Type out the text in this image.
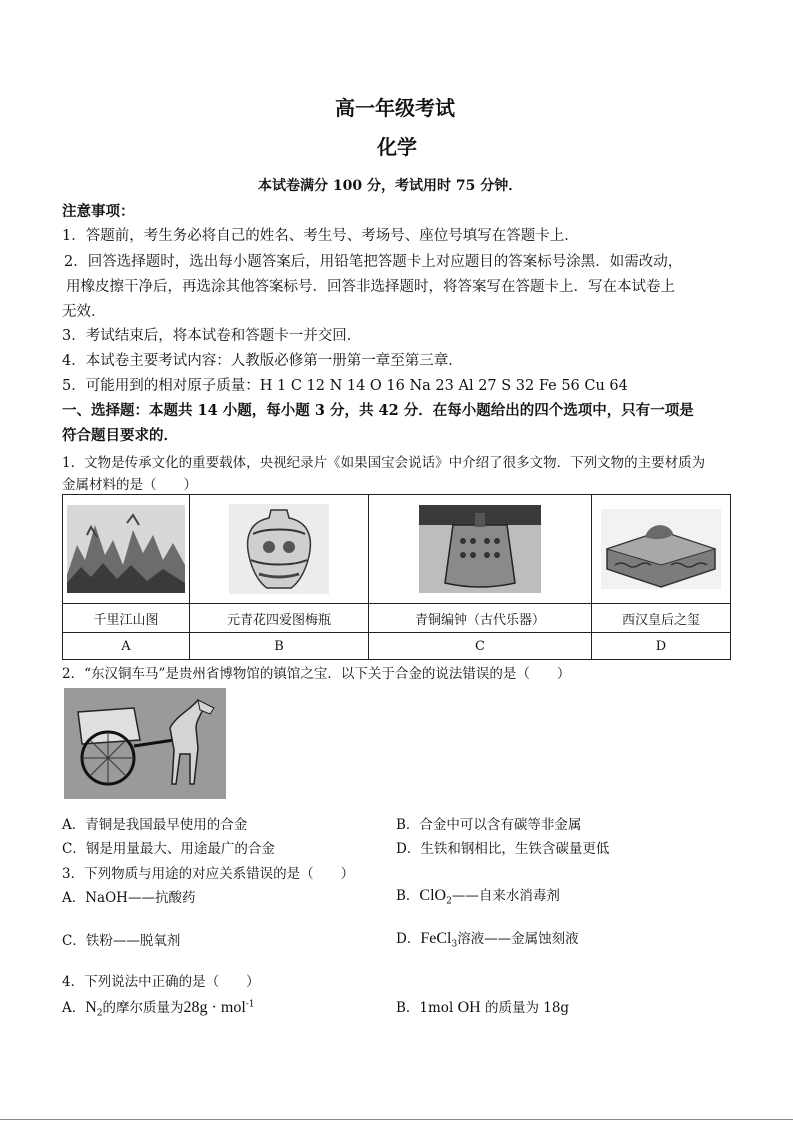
高一年级考试
化学
本试卷满分 100 分，考试用时 75 分钟．
注意事项：
1．答题前，考生务必将自己的姓名、考生号、考场号、座位号填写在答题卡上．
2．回答选择题时，选出每小题答案后，用铅笔把答题卡上对应题目的答案标号涂黑．如需改动，
用橡皮擦干净后，再选涂其他答案标号．回答非选择题时，将答案写在答题卡上．写在本试卷上
无效．
3．考试结束后，将本试卷和答题卡一并交回．
4．本试卷主要考试内容：人教版必修第一册第一章至第三章．
5．可能用到的相对原子质量：H 1 C 12 N 14 O 16 Na 23 Al 27 S 32 Fe 56 Cu 64
一、选择题：本题共 14 小题，每小题 3 分，共 42 分．在每小题给出的四个选项中，只有一项是
符合题目要求的．
1．文物是传承文化的重要载体，央视纪录片《如果国宝会说话》中介绍了很多文物．下列文物的主要材质为
金属材料的是（　　）

千里江山图	元青花四爱图梅瓶	青铜编钟（古代乐器）	西汉皇后之玺
A	B	C	D
2．“东汉铜车马”是贵州省博物馆的镇馆之宝．以下关于合金的说法错误的是（　　）
A．青铜是我国最早使用的合金	B．合金中可以含有碳等非金属
C．钢是用量最大、用途最广的合金	D．生铁和钢相比，生铁含碳量更低
3．下列物质与用途的对应关系错误的是（　　）
A．NaOH——抗酸药	B．ClO$_2$——自来水消毒剂
C．铁粉——脱氧剂	D．FeCl$_3$溶液——金属蚀刻液
4．下列说法中正确的是（　　）
A．$N_2$的摩尔质量为28g · mol$^{-1}$	B．1mol OH 的质量为 18g
